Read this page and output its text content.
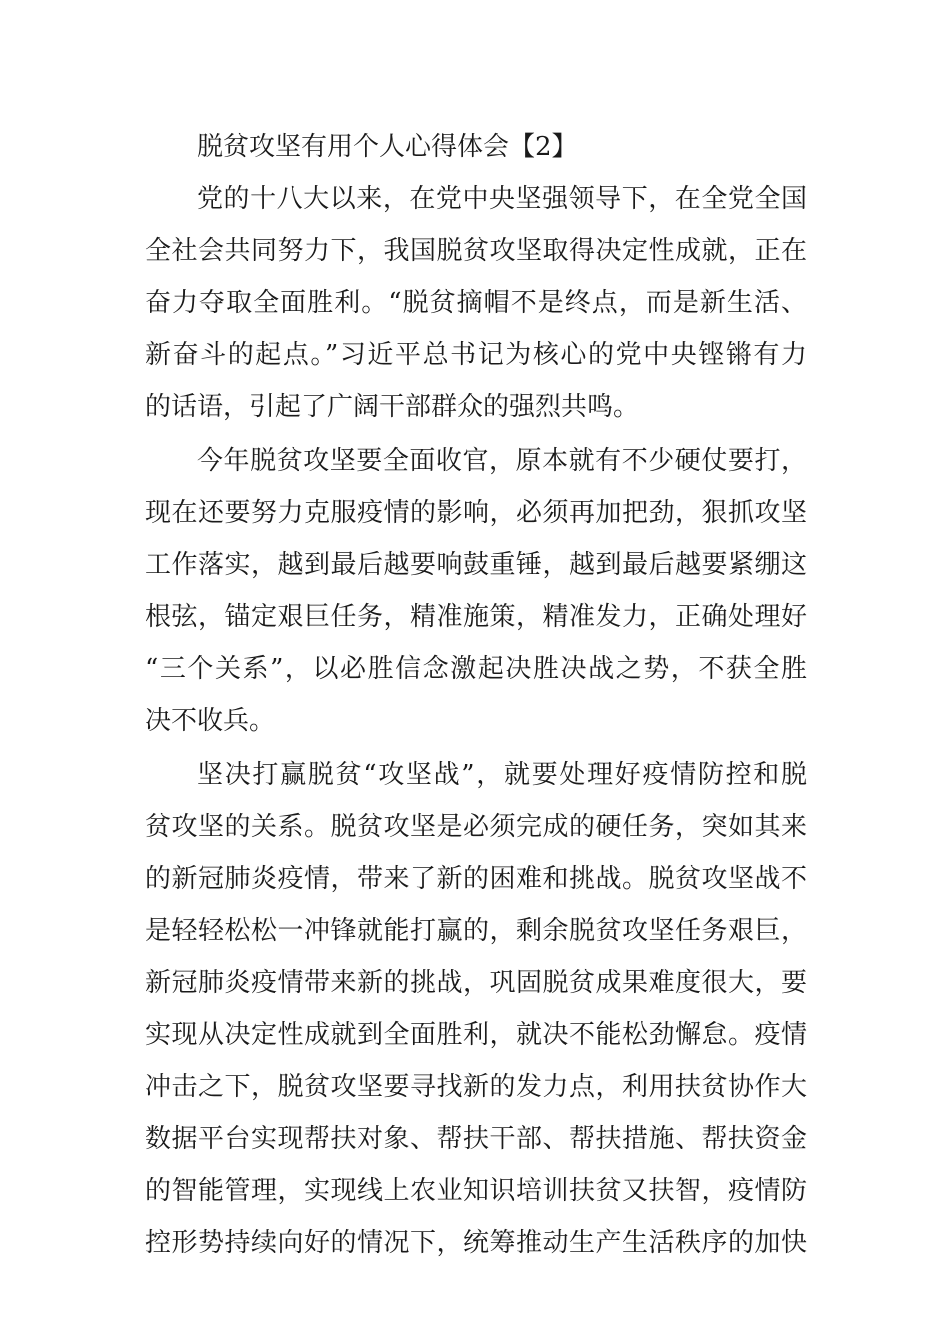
脱贫攻坚有用个人心得体会【2】
党的十八大以来，在党中央坚强领导下，在全党全国
全社会共同努力下，我国脱贫攻坚取得决定性成就，正在
奋力夺取全面胜利。“脱贫摘帽不是终点，而是新生活、
新奋斗的起点。”习近平总书记为核心的党中央铿锵有力
的话语，引起了广阔干部群众的强烈共鸣。
今年脱贫攻坚要全面收官，原本就有不少硬仗要打，
现在还要努力克服疫情的影响，必须再加把劲，狠抓攻坚
工作落实，越到最后越要响鼓重锤，越到最后越要紧绷这
根弦，锚定艰巨任务，精准施策，精准发力，正确处理好
“三个关系”，以必胜信念激起决胜决战之势，不获全胜
决不收兵。
坚决打赢脱贫“攻坚战”，就要处理好疫情防控和脱
贫攻坚的关系。脱贫攻坚是必须完成的硬任务，突如其来
的新冠肺炎疫情，带来了新的困难和挑战。脱贫攻坚战不
是轻轻松松一冲锋就能打赢的，剩余脱贫攻坚任务艰巨，
新冠肺炎疫情带来新的挑战，巩固脱贫成果难度很大，要
实现从决定性成就到全面胜利，就决不能松劲懈怠。疫情
冲击之下，脱贫攻坚要寻找新的发力点，利用扶贫协作大
数据平台实现帮扶对象、帮扶干部、帮扶措施、帮扶资金
的智能管理，实现线上农业知识培训扶贫又扶智，疫情防
控形势持续向好的情况下，统筹推动生产生活秩序的加快
